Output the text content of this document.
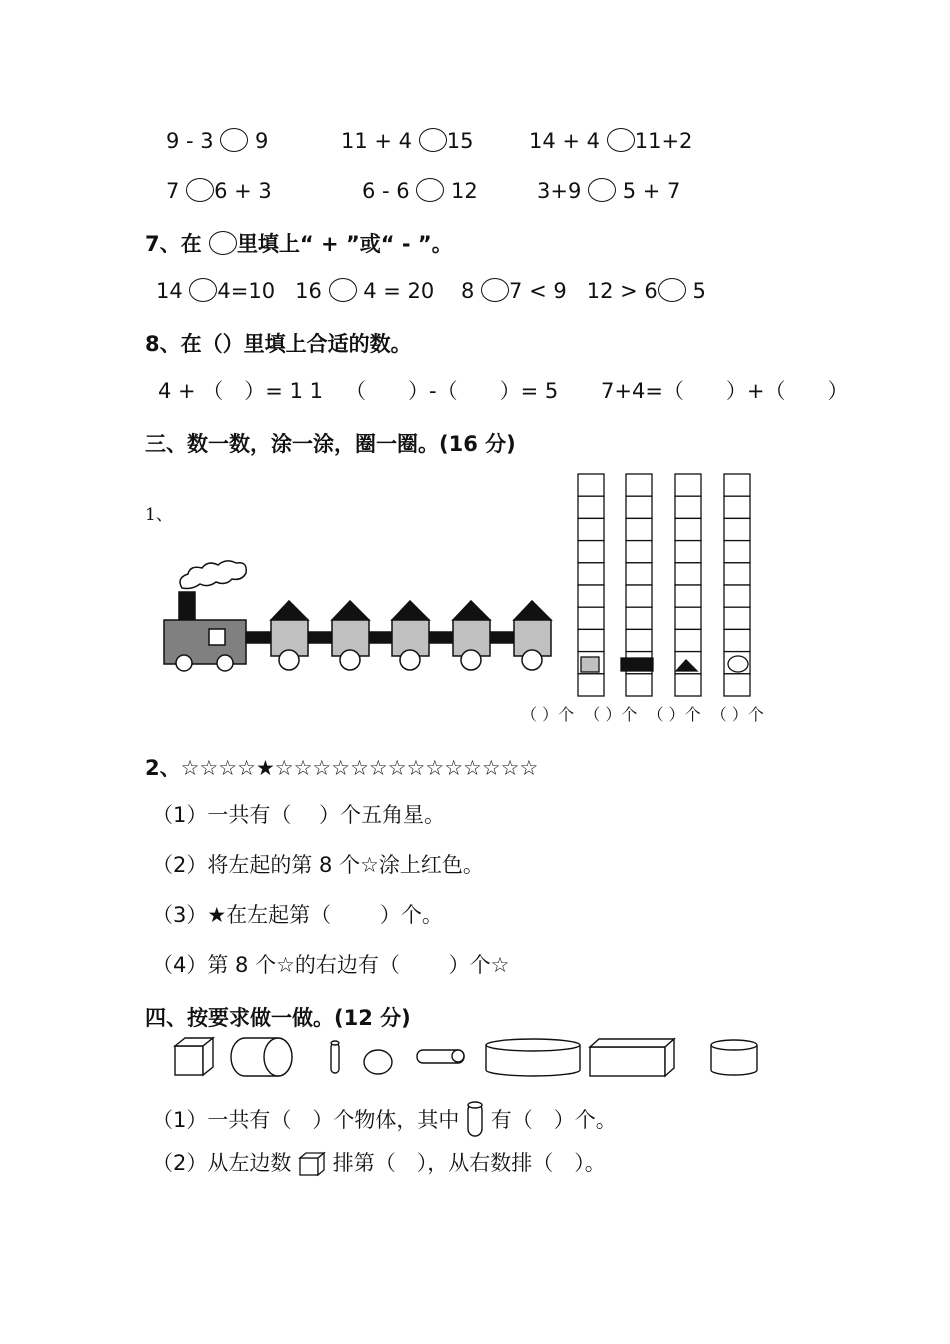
9 - 3 9	11 + 4 15	14 + 4 11+2
7 6 + 3	6 - 6 12	3+9 5 + 7
7、在 里填上“ + ”或“ - ”。
14 4=10 16 4 = 20 8 7 < 9 12 > 6 5
8、在（）里填上合适的数。
4 + （　）= 1 1 （　　）-（　　）= 5 7+4=（　　）+（　　）
三、数一数，涂一涂，圈一圈。(16 分)
1、
（ ）个 （ ）个 （ ）个 （ ）个
2、☆☆☆☆★☆☆☆☆☆☆☆☆☆☆☆☆☆☆
（1）一共有（　 ）个五角星。
（2）将左起的第 8 个☆涂上红色。
（3）★在左起第（　　 ）个。
（4）第 8 个☆的右边有（　　 ）个☆
四、按要求做一做。(12 分)
（1）一共有（　）个物体，其中 有（　）个。
（2）从左边数 排第（　），从右数排（　）。
